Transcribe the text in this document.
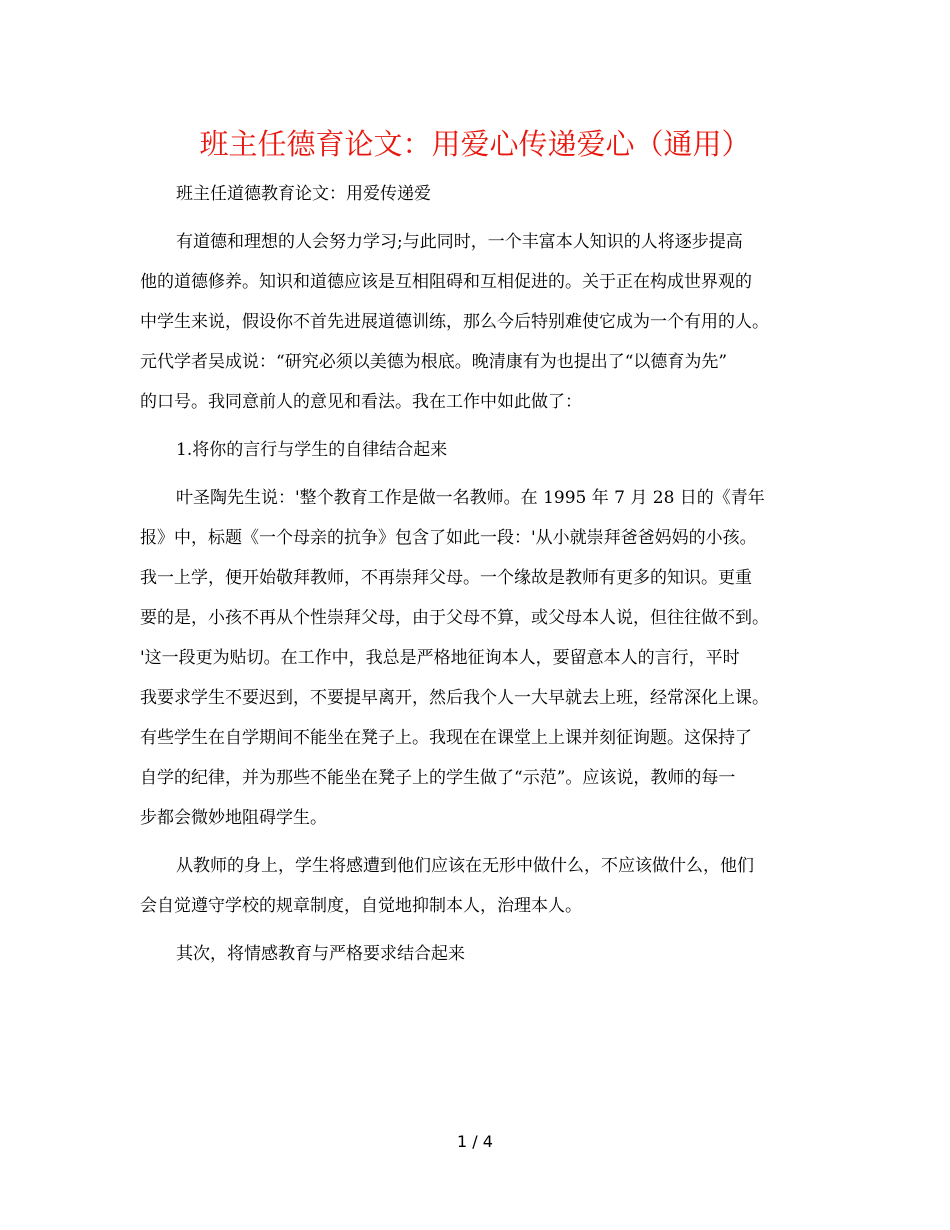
班主任德育论文：用爱心传递爱心（通用）
班主任道德教育论文：用爱传递爱
有道德和理想的人会努力学习;与此同时，一个丰富本人知识的人将逐步提高
他的道德修养。知识和道德应该是互相阻碍和互相促进的。关于正在构成世界观的
中学生来说，假设你不首先进展道德训练，那么今后特别难使它成为一个有用的人。
元代学者吴成说：“研究必须以美德为根底。晚清康有为也提出了“以德育为先”
的口号。我同意前人的意见和看法。我在工作中如此做了：
1.将你的言行与学生的自律结合起来
叶圣陶先生说：'整个教育工作是做一名教师。在 1995 年 7 月 28 日的《青年
报》中，标题《一个母亲的抗争》包含了如此一段：'从小就崇拜爸爸妈妈的小孩。
我一上学，便开始敬拜教师，不再崇拜父母。一个缘故是教师有更多的知识。更重
要的是，小孩不再从个性崇拜父母，由于父母不算，或父母本人说，但往往做不到。
'这一段更为贴切。在工作中，我总是严格地征询本人，要留意本人的言行，平时
我要求学生不要迟到，不要提早离开，然后我个人一大早就去上班，经常深化上课。
有些学生在自学期间不能坐在凳子上。我现在在课堂上上课并刻征询题。这保持了
自学的纪律，并为那些不能坐在凳子上的学生做了“示范”。应该说，教师的每一
步都会微妙地阻碍学生。
从教师的身上，学生将感遭到他们应该在无形中做什么，不应该做什么，他们
会自觉遵守学校的规章制度，自觉地抑制本人，治理本人。
其次，将情感教育与严格要求结合起来
1 / 4
